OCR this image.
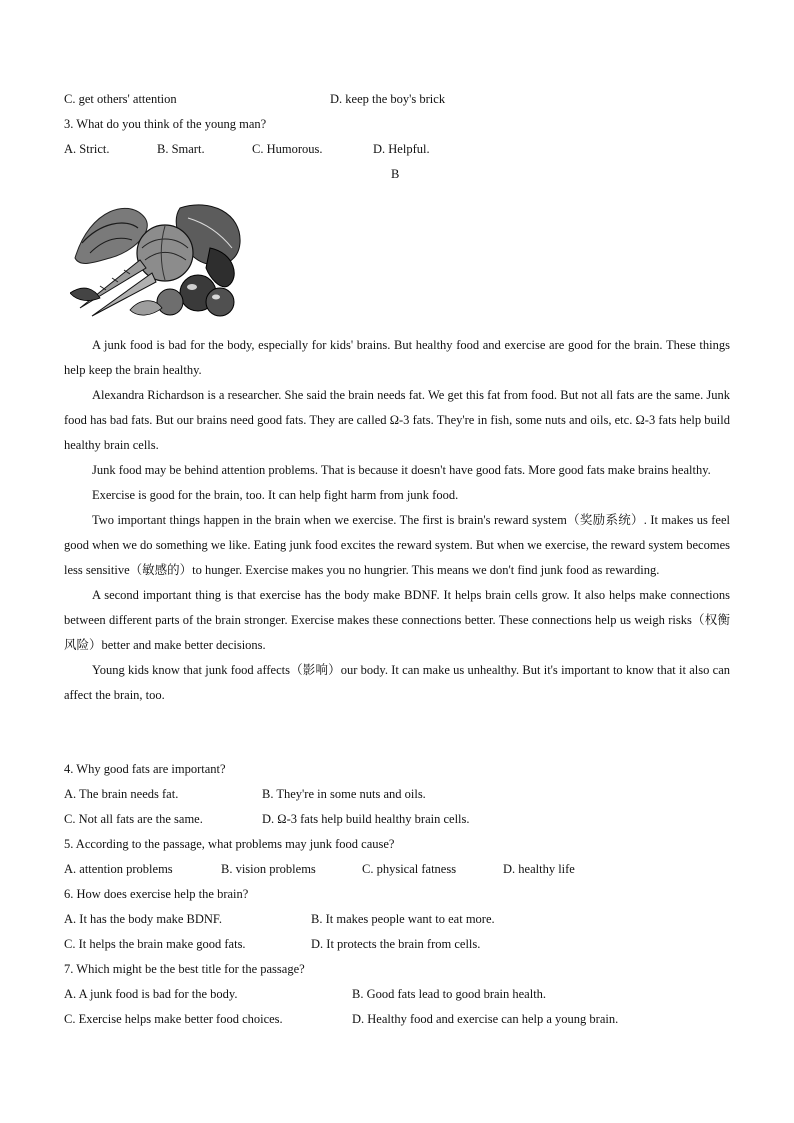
C. get others' attention	D. keep the boy's brick
3. What do you think of the young man?
A. Strict.	B. Smart.	C. Humorous.	D. Helpful.
B

A junk food is bad for the body, especially for kids' brains. But healthy food and exercise are good for the brain. These things help keep the brain healthy.

Alexandra Richardson is a researcher. She said the brain needs fat. We get this fat from food. But not all fats are the same. Junk food has bad fats. But our brains need good fats. They are called Ω-3 fats. They're in fish, some nuts and oils, etc. Ω-3 fats help build healthy brain cells.

Junk food may be behind attention problems. That is because it doesn't have good fats. More good fats make brains healthy.

Exercise is good for the brain, too. It can help fight harm from junk food.

Two important things happen in the brain when we exercise. The first is brain's reward system（奖励系统）. It makes us feel good when we do something we like. Eating junk food excites the reward system. But when we exercise, the reward system becomes less sensitive（敏感的）to hunger. Exercise makes you no hungrier. This means we don't find junk food as rewarding.

A second important thing is that exercise has the body make BDNF. It helps brain cells grow. It also helps make connections between different parts of the brain stronger. Exercise makes these connections better. These connections help us weigh risks（权衡风险）better and make better decisions.

Young kids know that junk food affects（影响）our body. It can make us unhealthy. But it's important to know that it also can affect the brain, too.

4. Why good fats are important?
A. The brain needs fat.	B. They're in some nuts and oils.
C. Not all fats are the same.	D. Ω-3 fats help build healthy brain cells.
5. According to the passage, what problems may junk food cause?
A. attention problems	B. vision problems	C. physical fatness	D. healthy life
6. How does exercise help the brain?
A. It has the body make BDNF.	B. It makes people want to eat more.
C. It helps the brain make good fats.	D. It protects the brain from cells.
7. Which might be the best title for the passage?
A. A junk food is bad for the body.	B. Good fats lead to good brain health.
C. Exercise helps make better food choices.	D. Healthy food and exercise can help a young brain.
